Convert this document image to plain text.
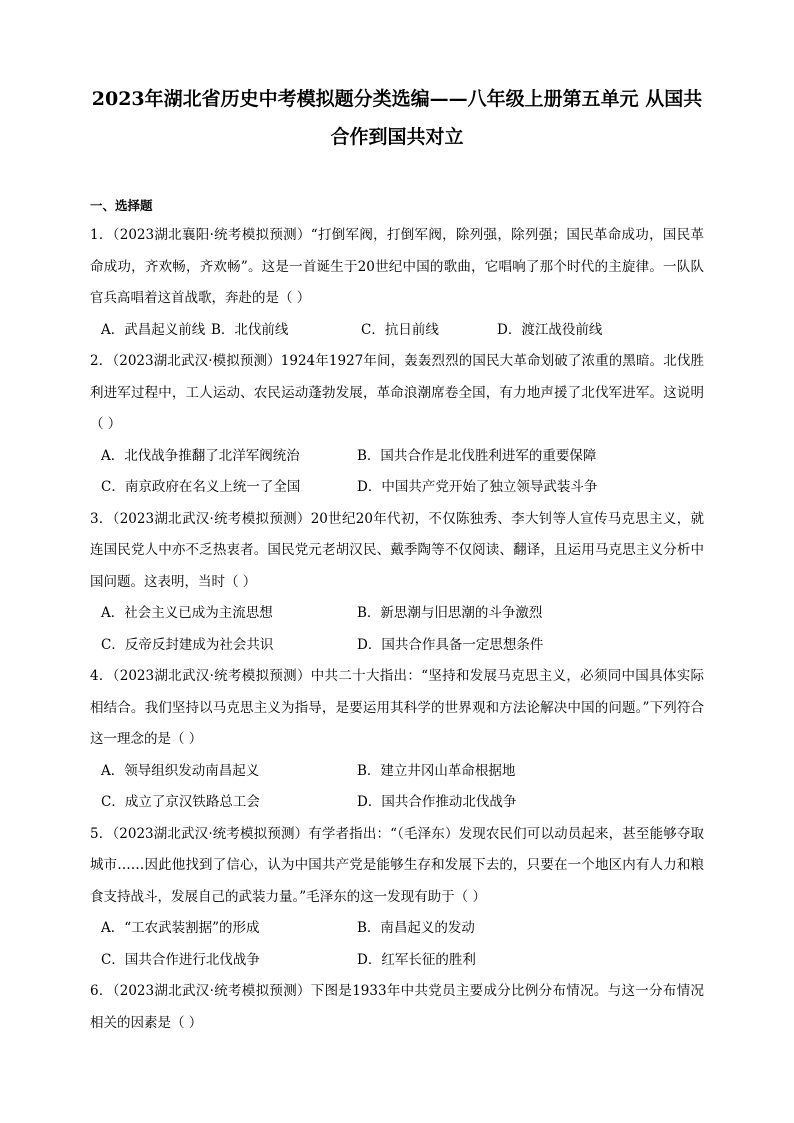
2023年湖北省历史中考模拟题分类选编——八年级上册第五单元 从国共
合作到国共对立
一、选择题

1．（2023湖北襄阳·统考模拟预测）“打倒军阀，打倒军阀，除列强，除列强；国民革命成功，国民革命成功，齐欢畅，齐欢畅”。这是一首诞生于20世纪中国的歌曲，它唱响了那个时代的主旋律。一队队官兵高唱着这首战歌，奔赴的是（ ）

A．武昌起义前线 B．北伐前线	C．抗日前线	D．渡江战役前线

2．（2023湖北武汉·模拟预测）1924年1927年间，轰轰烈烈的国民大革命划破了浓重的黑暗。北伐胜利进军过程中，工人运动、农民运动蓬勃发展，革命浪潮席卷全国，有力地声援了北伐军进军。这说明（ ）

A．北伐战争推翻了北洋军阀统治	B．国共合作是北伐胜利进军的重要保障
C．南京政府在名义上统一了全国	D．中国共产党开始了独立领导武装斗争

3．（2023湖北武汉·统考模拟预测）20世纪20年代初，不仅陈独秀、李大钊等人宣传马克思主义，就连国民党人中亦不乏热衷者。国民党元老胡汉民、戴季陶等不仅阅读、翻译，且运用马克思主义分析中国问题。这表明，当时（ ）

A．社会主义已成为主流思想	B．新思潮与旧思潮的斗争激烈
C．反帝反封建成为社会共识	D．国共合作具备一定思想条件

4．（2023湖北武汉·统考模拟预测）中共二十大指出：“坚持和发展马克思主义，必须同中国具体实际相结合。我们坚持以马克思主义为指导，是要运用其科学的世界观和方法论解决中国的问题。”下列符合这一理念的是（ ）

A．领导组织发动南昌起义	B．建立井冈山革命根据地
C．成立了京汉铁路总工会	D．国共合作推动北伐战争

5．（2023湖北武汉·统考模拟预测）有学者指出：“（毛泽东）发现农民们可以动员起来，甚至能够夺取城市……因此他找到了信心，认为中国共产党是能够生存和发展下去的，只要在一个地区内有人力和粮食支持战斗，发展自己的武装力量。”毛泽东的这一发现有助于（ ）

A．“工农武装割据”的形成	B．南昌起义的发动
C．国共合作进行北伐战争	D．红军长征的胜利

6．（2023湖北武汉·统考模拟预测）下图是1933年中共党员主要成分比例分布情况。与这一分布情况相关的因素是（ ）
